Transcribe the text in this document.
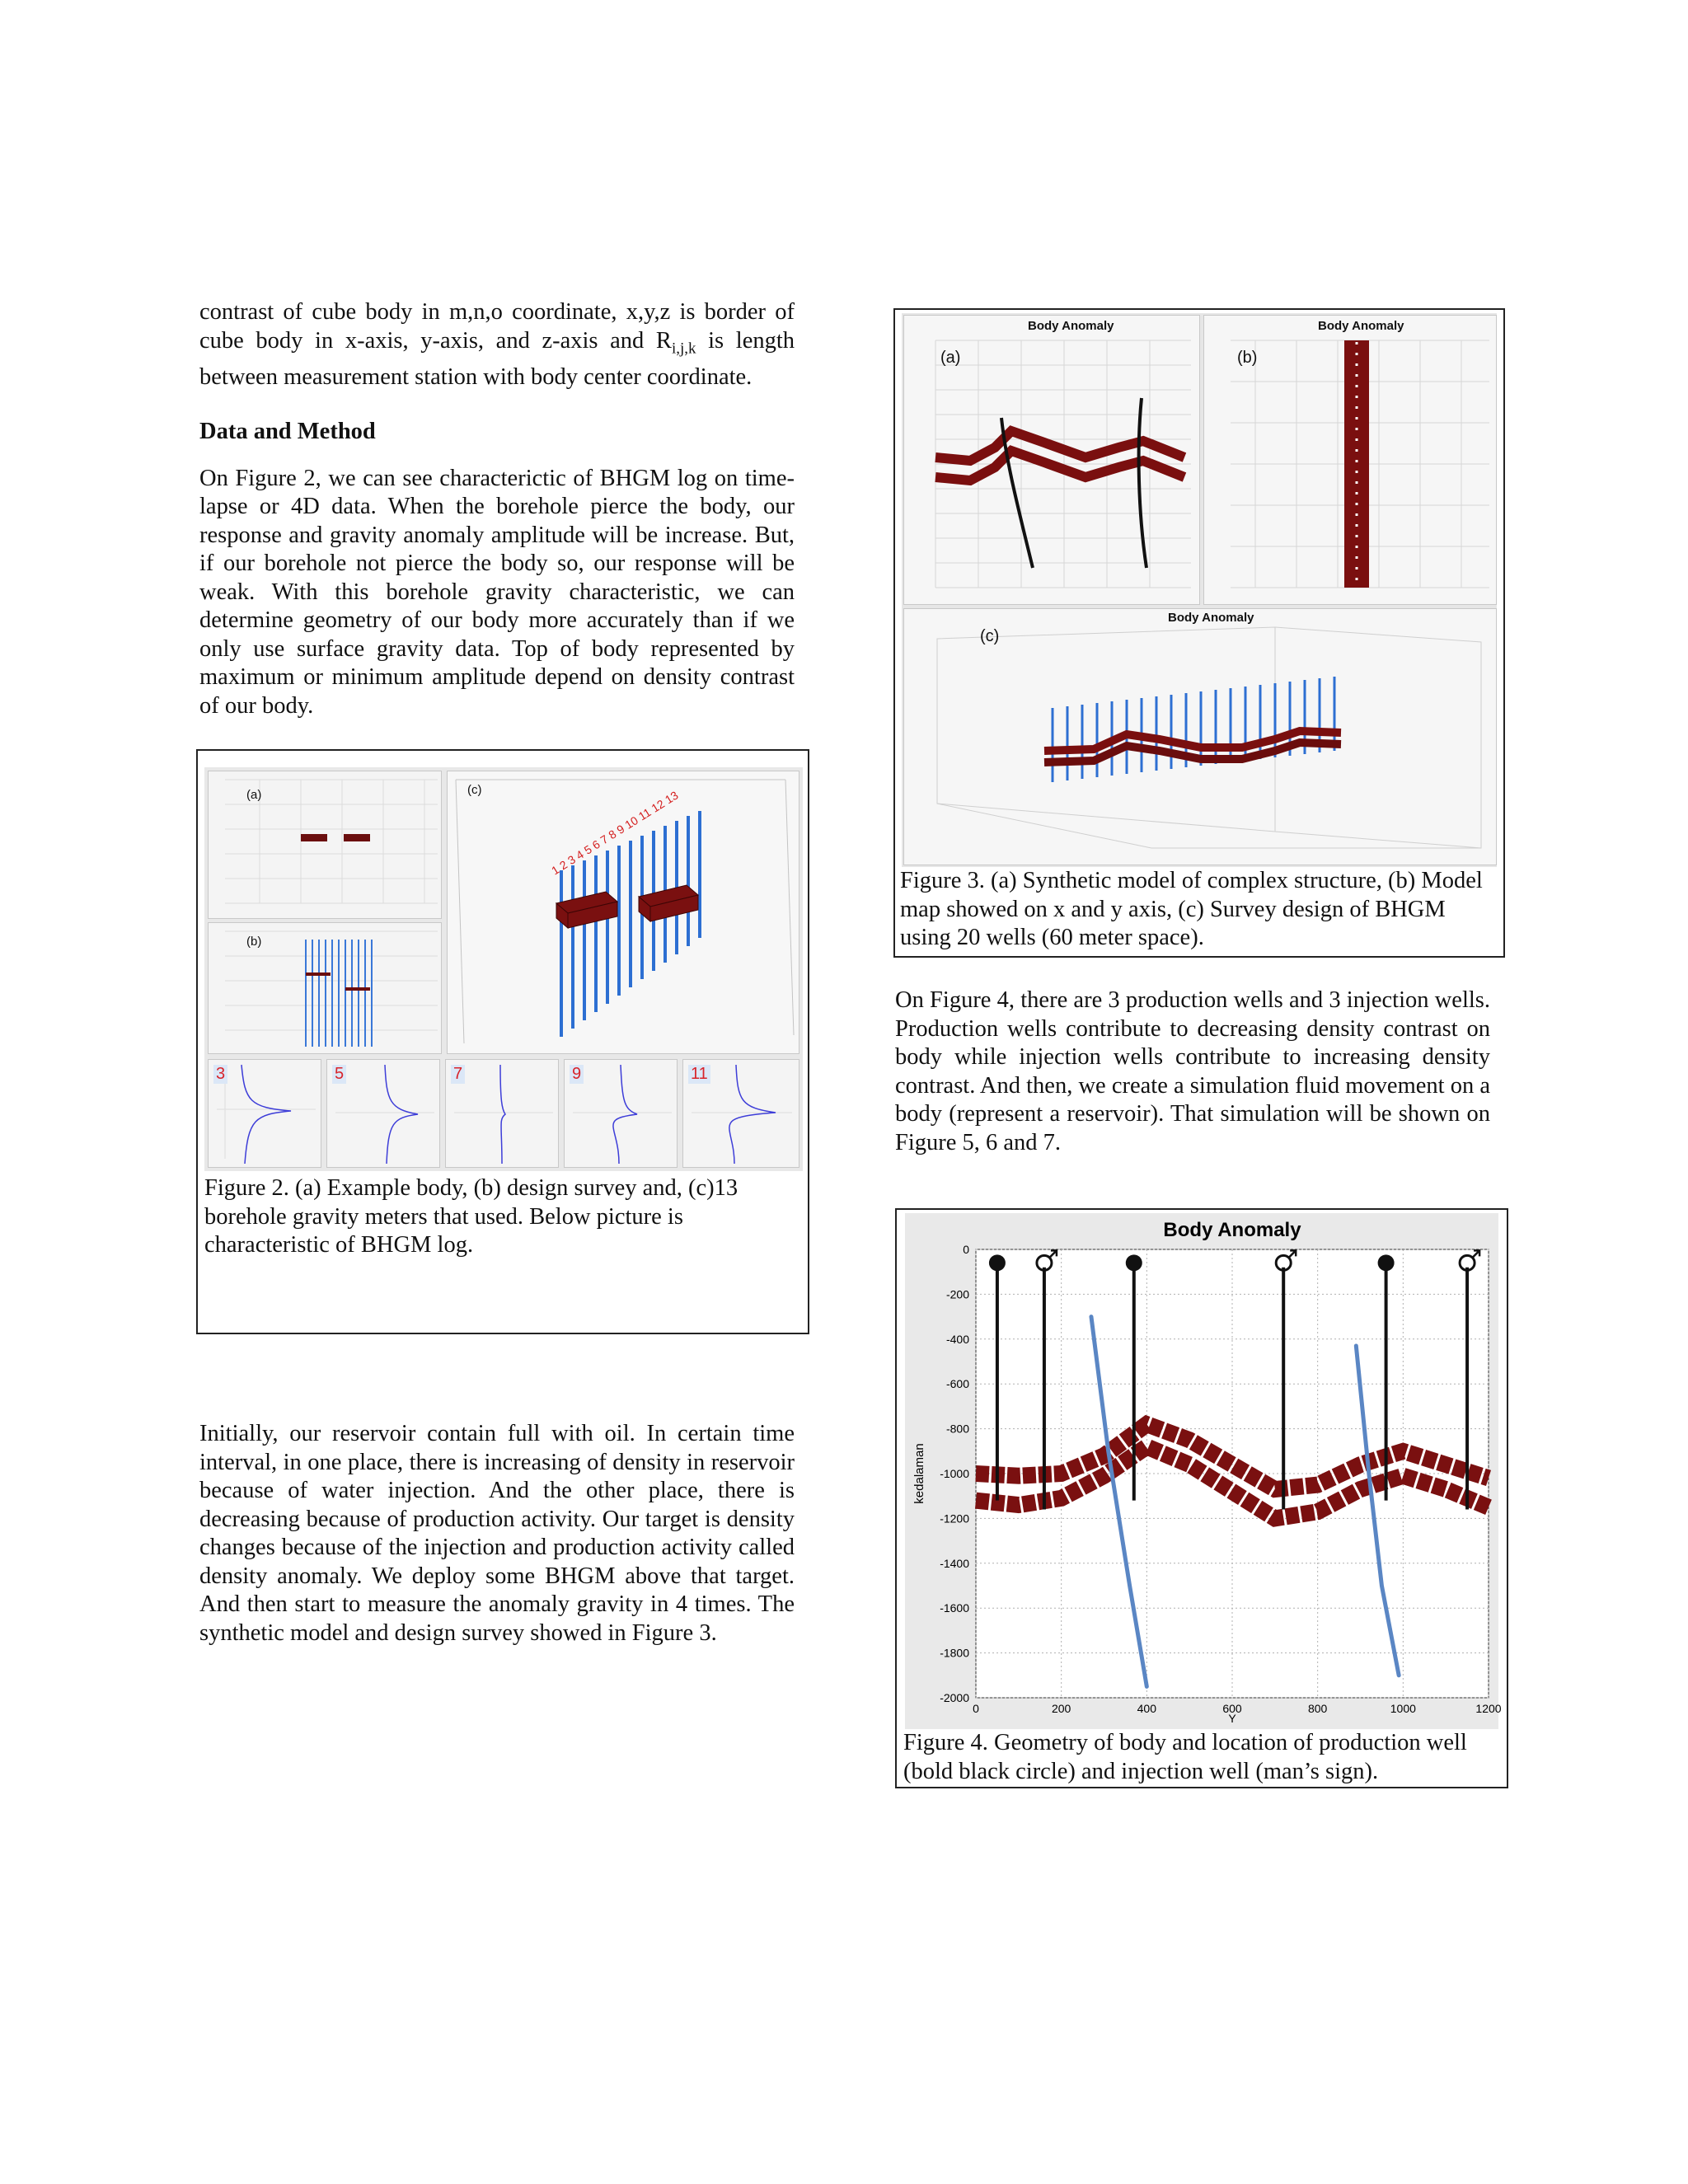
contrast of cube body in m,n,o coordinate, x,y,z is border of cube body in x-axis, y-axis, and z-axis and $R_{i,j,k}$ is length between measurement station with body center coordinate.

Data and Method

On Figure 2, we can see characterictic of BHGM log on time-lapse or 4D data. When the borehole pierce the body, our response and gravity anomaly amplitude will be increase. But, if our borehole not pierce the body so, our response will be weak. With this borehole gravity characteristic, we can determine geometry of our body more accurately than if we only use surface gravity data. Top of body represented by maximum or minimum amplitude depend on density contrast of our body.

(a)
(b)
1 2 3 4 5 6 7 8 9 10 11 12 13
(c)
3	5	7	9	11
Figure 2. (a) Example body, (b) design survey and, (c)13 borehole gravity meters that used. Below picture is characteristic of BHGM log.

Initially, our reservoir contain full with oil. In certain time interval, in one place, there is increasing of density in reservoir because of water injection. And the other place, there is decreasing because of production activity. Our target is density changes because of the injection and production activity called density anomaly. We deploy some BHGM above that target. And then start to measure the anomaly gravity in 4 times. The synthetic model and design survey showed in Figure 3.

Body Anomaly
(a)
Body Anomaly
(b)
Body Anomaly
(c)
Figure 3. (a) Synthetic model of complex structure, (b) Model map showed on x and y axis, (c) Survey design of BHGM using 20 wells (60 meter space).

On Figure 4, there are 3 production wells and 3 injection wells. Production wells contribute to decreasing density contrast on body while injection wells contribute to increasing density contrast. And then, we create a simulation fluid movement on a body (represent a reservoir). That simulation will be shown on Figure 5, 6 and 7.

Body Anomaly
Y
kedalaman
0
-200
-400
-600
-800
-1000
-1200
-1400
-1600
-1800
-2000
0	200	400	600	800	1000	1200
Figure 4. Geometry of body and location of production well (bold black circle) and injection well (man’s sign).
